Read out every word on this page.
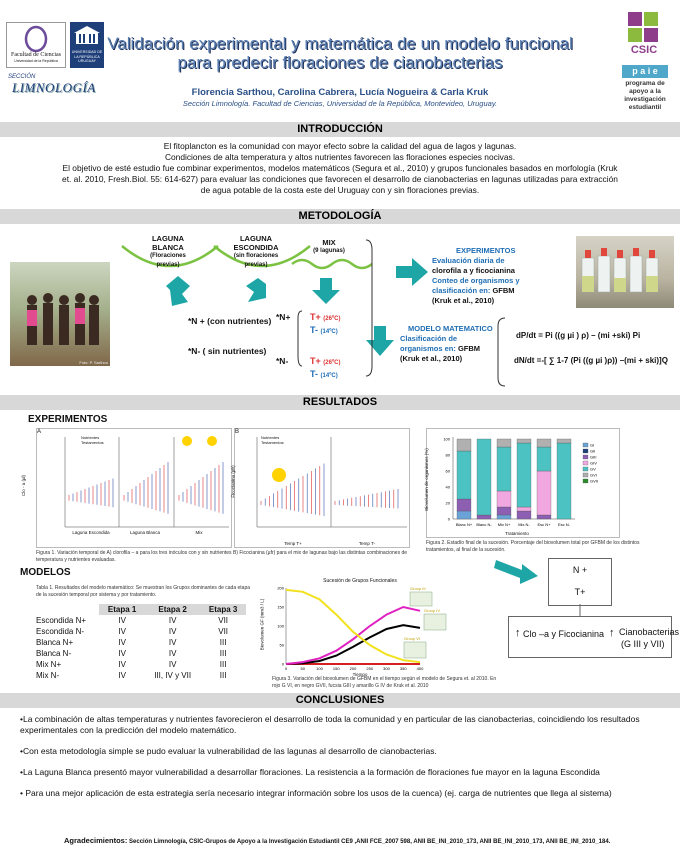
Facultad de Ciencias
Universidad de la República
UNIVERSIDAD DE LA REPÚBLICA URUGUAY
SECCIÓN
LIMNOLOGÍA
Validación experimental y matemática de un modelo funcional
para predecir floraciones de cianobacterias
Florencia Sarthou, Carolina Cabrera, Lucía Nogueira & Carla Kruk
Sección Limnología. Facultad de Ciencias, Universidad de la República, Montevideo, Uruguay.
CSIC
p a i e
programa de apoyo a la investigación estudiantil
INTRODUCCIÓN
El fitoplancton es la comunidad con mayor efecto sobre la calidad del agua de lagos y lagunas.
Condiciones de alta temperatura y altos nutrientes favorecen las floraciones especies nocivas.
El objetivo de esté estudio fue combinar experimentos, modelos matemáticos (Segura et al., 2010) y grupos funcionales basados en morfología (Kruk
et. al. 2010, Fresh.Biol. 55: 614-627) para evaluar las condiciones que favorecen el desarrollo de cianobacterias en lagunas utilizadas para extracción
de agua potable de la costa este del Uruguay con y sin floraciones previas.
METODOLOGÍA
LAGUNA BLANCA
(Floraciones previas)
LAGUNA ESCONDIDA
(sin floraciones previas)
MIX
(9 lagunas)
Foto: P. Sarthou
*N + (con nutrientes)
*N- ( sin nutrientes)
*N+
*N-
T+ (26ºC)
T- (14ºC)
T+ (26ºC)
T- (14ºC)
EXPERIMENTOS
Evaluación diaria de
clorofila a y ficocianina
Conteo de organismos y
clasificación en: GFBM
(Kruk et al., 2010)
MODELO MATEMATICO
Clasificación de
organismos en: GFBM
(Kruk et al., 2010)
dP/dt = Pi ((g µi ) ρ) – (mi +ski) Pi
dN/dt =-[ ∑ 1-7 (Pi ((g µi )ρ)) –(mi + ski)]Q
RESULTADOS
EXPERIMENTOS
A
Clo - a (µl)
Laguna Escondida	Laguna Blanca	Mix
Nutrientes
Testamentos
B
Ficocianina (µfr)
Nutrientes
Testamentos
Temp T+	Temp T-
Figura 1. Variación temporal de A) clorofila – a para los tres inóculos con y sin nutrientes B) Ficocianina (µfr) para el mix de lagunas bajo las distintas combinaciones de temperatura y nutrientes evaluadas.
Biovolumen de organismos (%)
Blanc N+ Blanc N- Mix N+ Mix N- Esc N+ Esc N-
0
20
40
60
80
100
GI
GII
GIII
GIV
GV
GVI
GVII
Tratamiento
Figura 2. Estadío final de la sucesión. Porcentaje del biovolumen total por GFBM de los distintos tratamientos, al final de la sucesión.
MODELOS
Tabla 1. Resultados del modelo matemático: Se muestran los Grupos dominantes de cada etapa de la sucesión temporal por sistema y por tratamiento.
	Etapa 1	Etapa 2	Etapa 3
Escondida N+	IV	IV	VII
Escondida N-	IV	IV	VII
Blanca N+	IV	IV	III
Blanca N-	IV	IV	III
Mix N+	IV	IV	III
Mix N-	IV	III, IV y VII	III
Sucesión de Grupos Funcionales
Biovolumen GF (mm3 / L)
0	50	100	150	200	250	300	350	400
0
50
100
150
200	Group III
Group IV
Group VI
Tiempo
Figura 3. Variación del biovolumen de GFBM en el tiempo según el modelo de Segura et. al 2010. En rojo G VI, en negro GVII, fucsia GIII y amarillo G IV de Kruk et al. 2010
N +
T+
↑ Clo –a y Ficocianina ↑ Cianobacterias
(G III y VII)
CONCLUSIONES

•La combinación de altas temperaturas y nutrientes favorecieron el desarrollo de toda la comunidad y en particular de las cianobacterias, coincidiendo los resultados experimentales con la predicción del modelo matemático.

•Con esta metodología simple se pudo evaluar la vulnerabilidad de las lagunas al desarrollo de cianobacterias.

•La Laguna Blanca presentó mayor vulnerabilidad a desarrollar floraciones. La resistencia a la formación de floraciones fue mayor en la laguna Escondida

• Para una mejor aplicación de esta estrategia sería necesario integrar información sobre los usos de la cuenca) (ej. carga de nutrientes que llega al sistema)

Agradecimientos: Sección Limnología, CSIC-Grupos de Apoyo a la Investigación Estudiantil CE9 ,ANII FCE_2007 598, ANII BE_INI_2010_173, ANII BE_INI_2010_173, ANII BE_INI_2010_184.
